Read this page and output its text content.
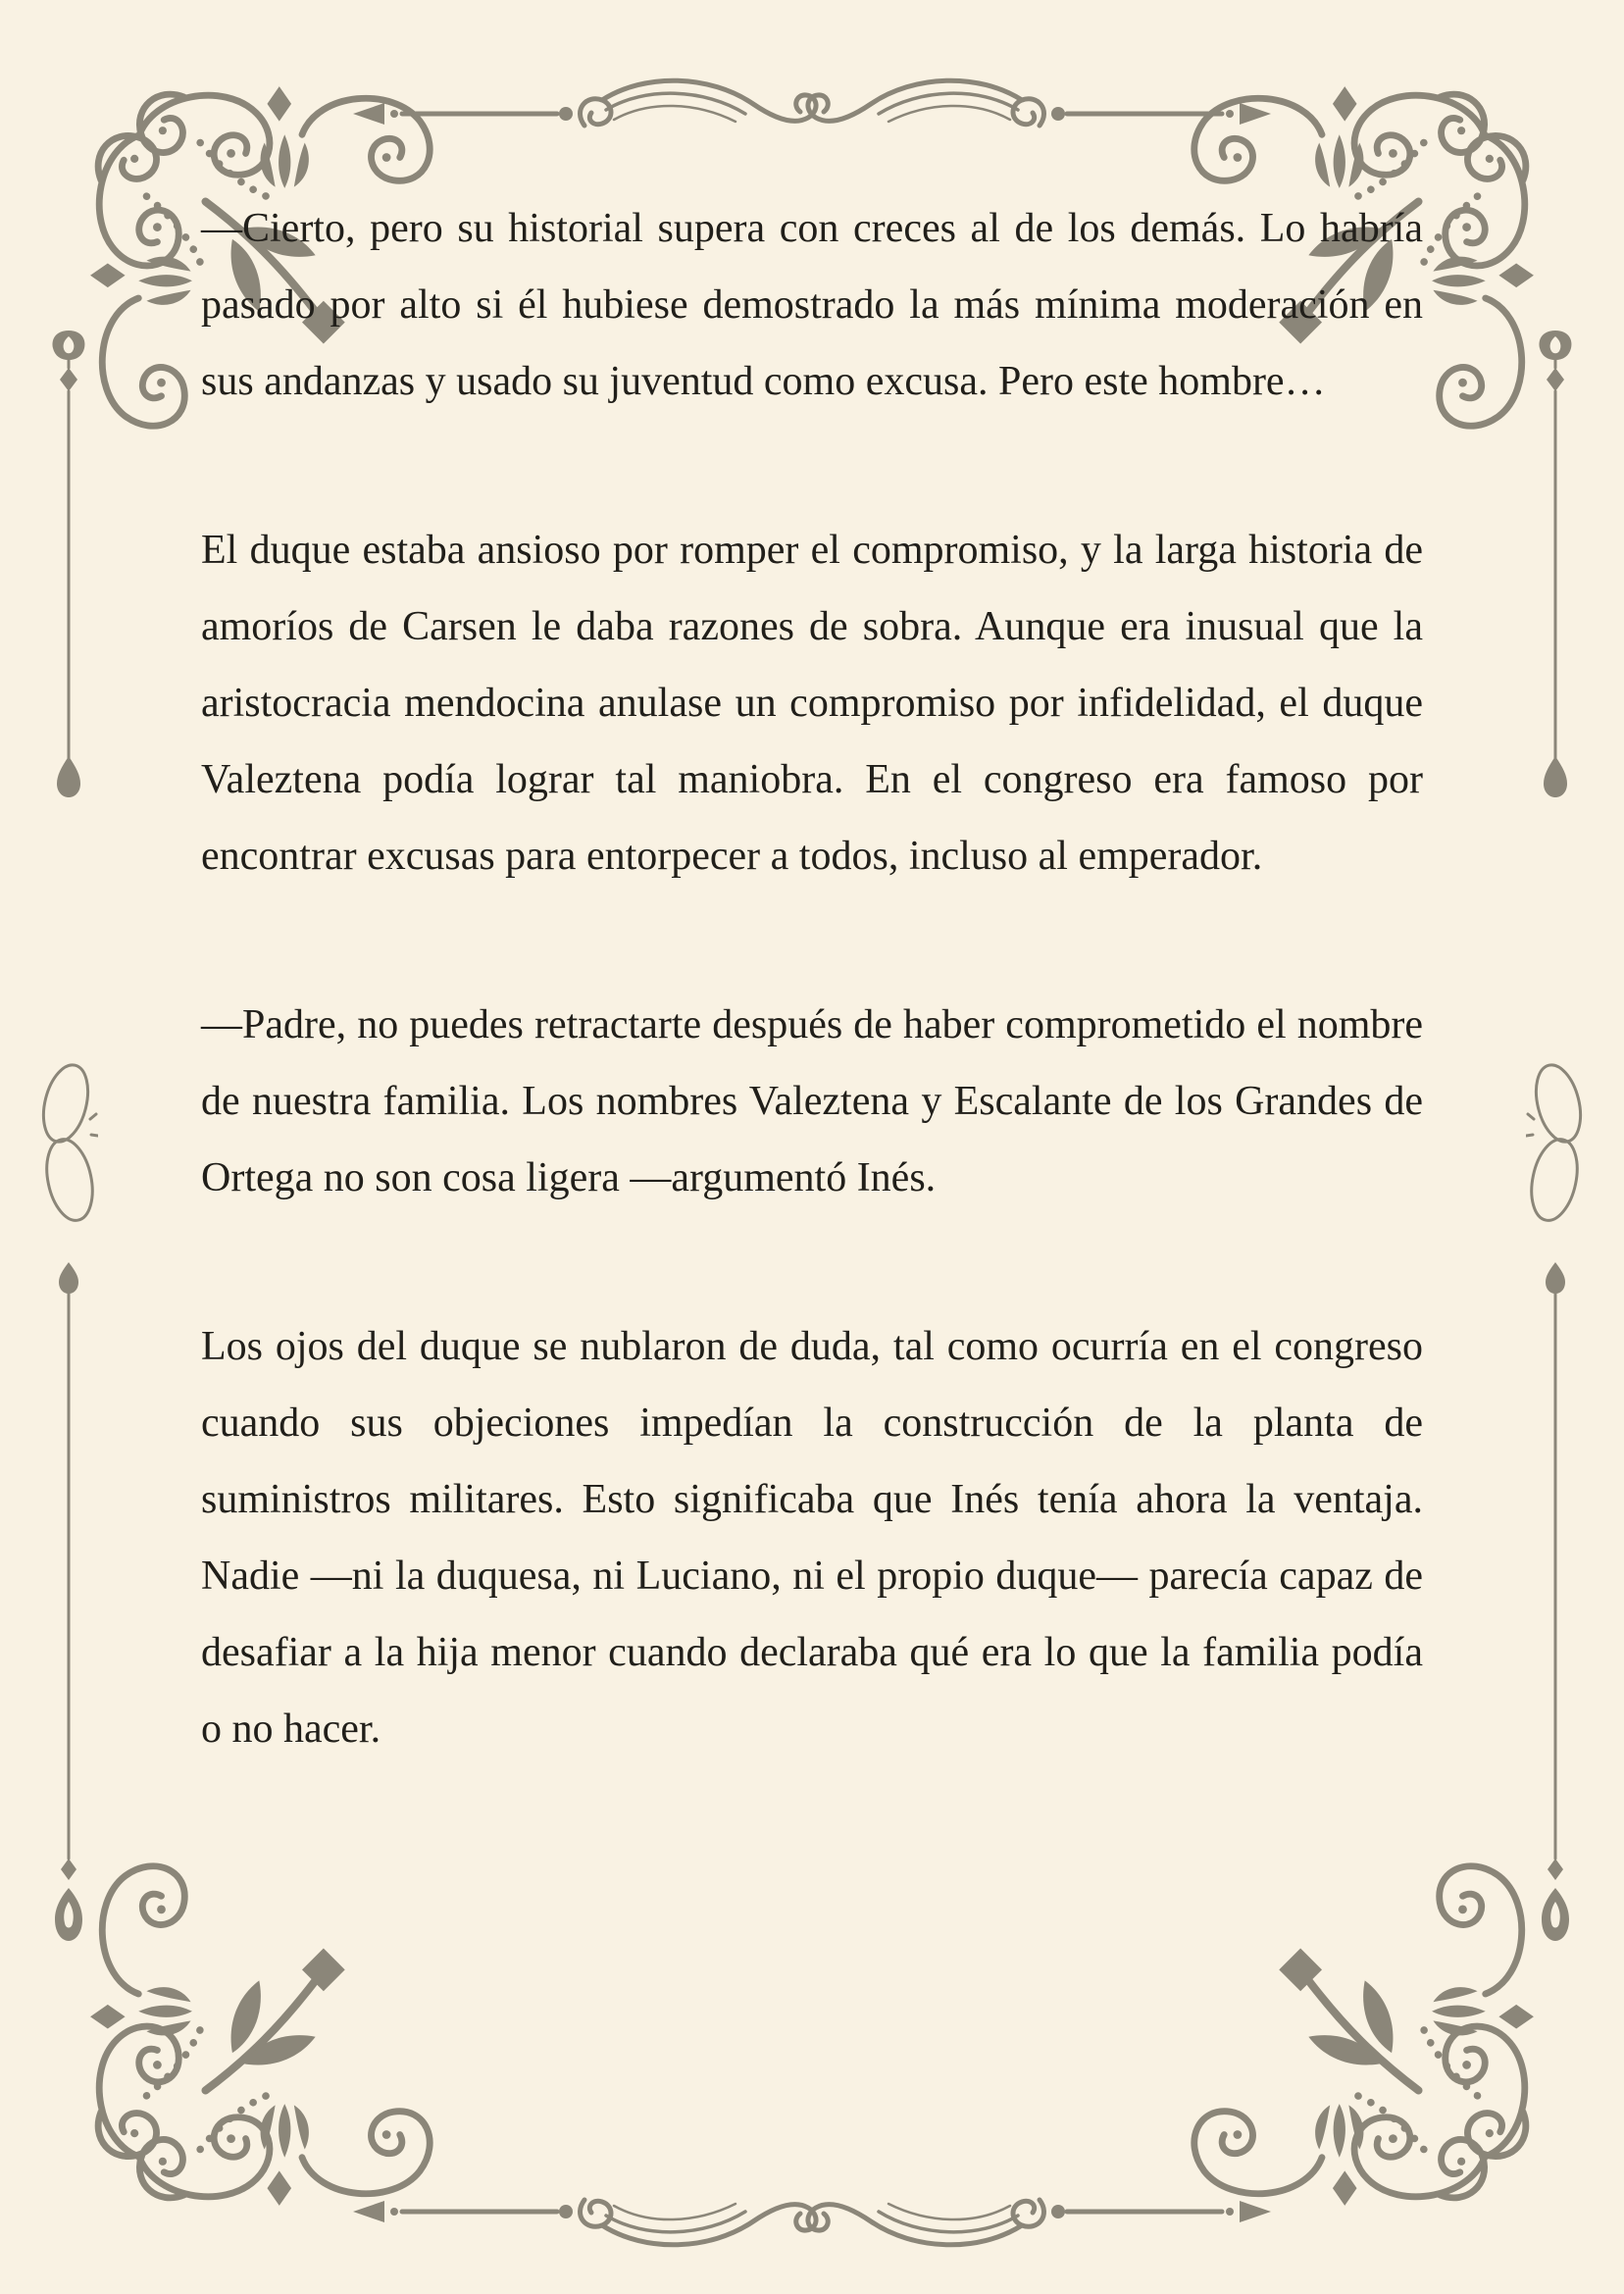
—Cierto, pero su historial supera con creces al de los demás. Lo habría pasado por alto si él hubiese demostrado la más mínima moderación en sus andanzas y usado su juventud como excusa. Pero este hombre…

El duque estaba ansioso por romper el compromiso, y la larga historia de amoríos de Carsen le daba razones de sobra. Aunque era inusual que la aristocracia mendocina anulase un compromiso por infidelidad, el duque Valeztena podía lograr tal maniobra. En el congreso era famoso por encontrar excusas para entorpecer a todos, incluso al emperador.

—Padre, no puedes retractarte después de haber comprometido el nombre de nuestra familia. Los nombres Valeztena y Escalante de los Grandes de Ortega no son cosa ligera —argumentó Inés.

Los ojos del duque se nublaron de duda, tal como ocurría en el congreso cuando sus objeciones impedían la construcción de la planta de suministros militares. Esto significaba que Inés tenía ahora la ventaja. Nadie —ni la duquesa, ni Luciano, ni el propio duque— parecía capaz de desafiar a la hija menor cuando declaraba qué era lo que la familia podía o no hacer.
